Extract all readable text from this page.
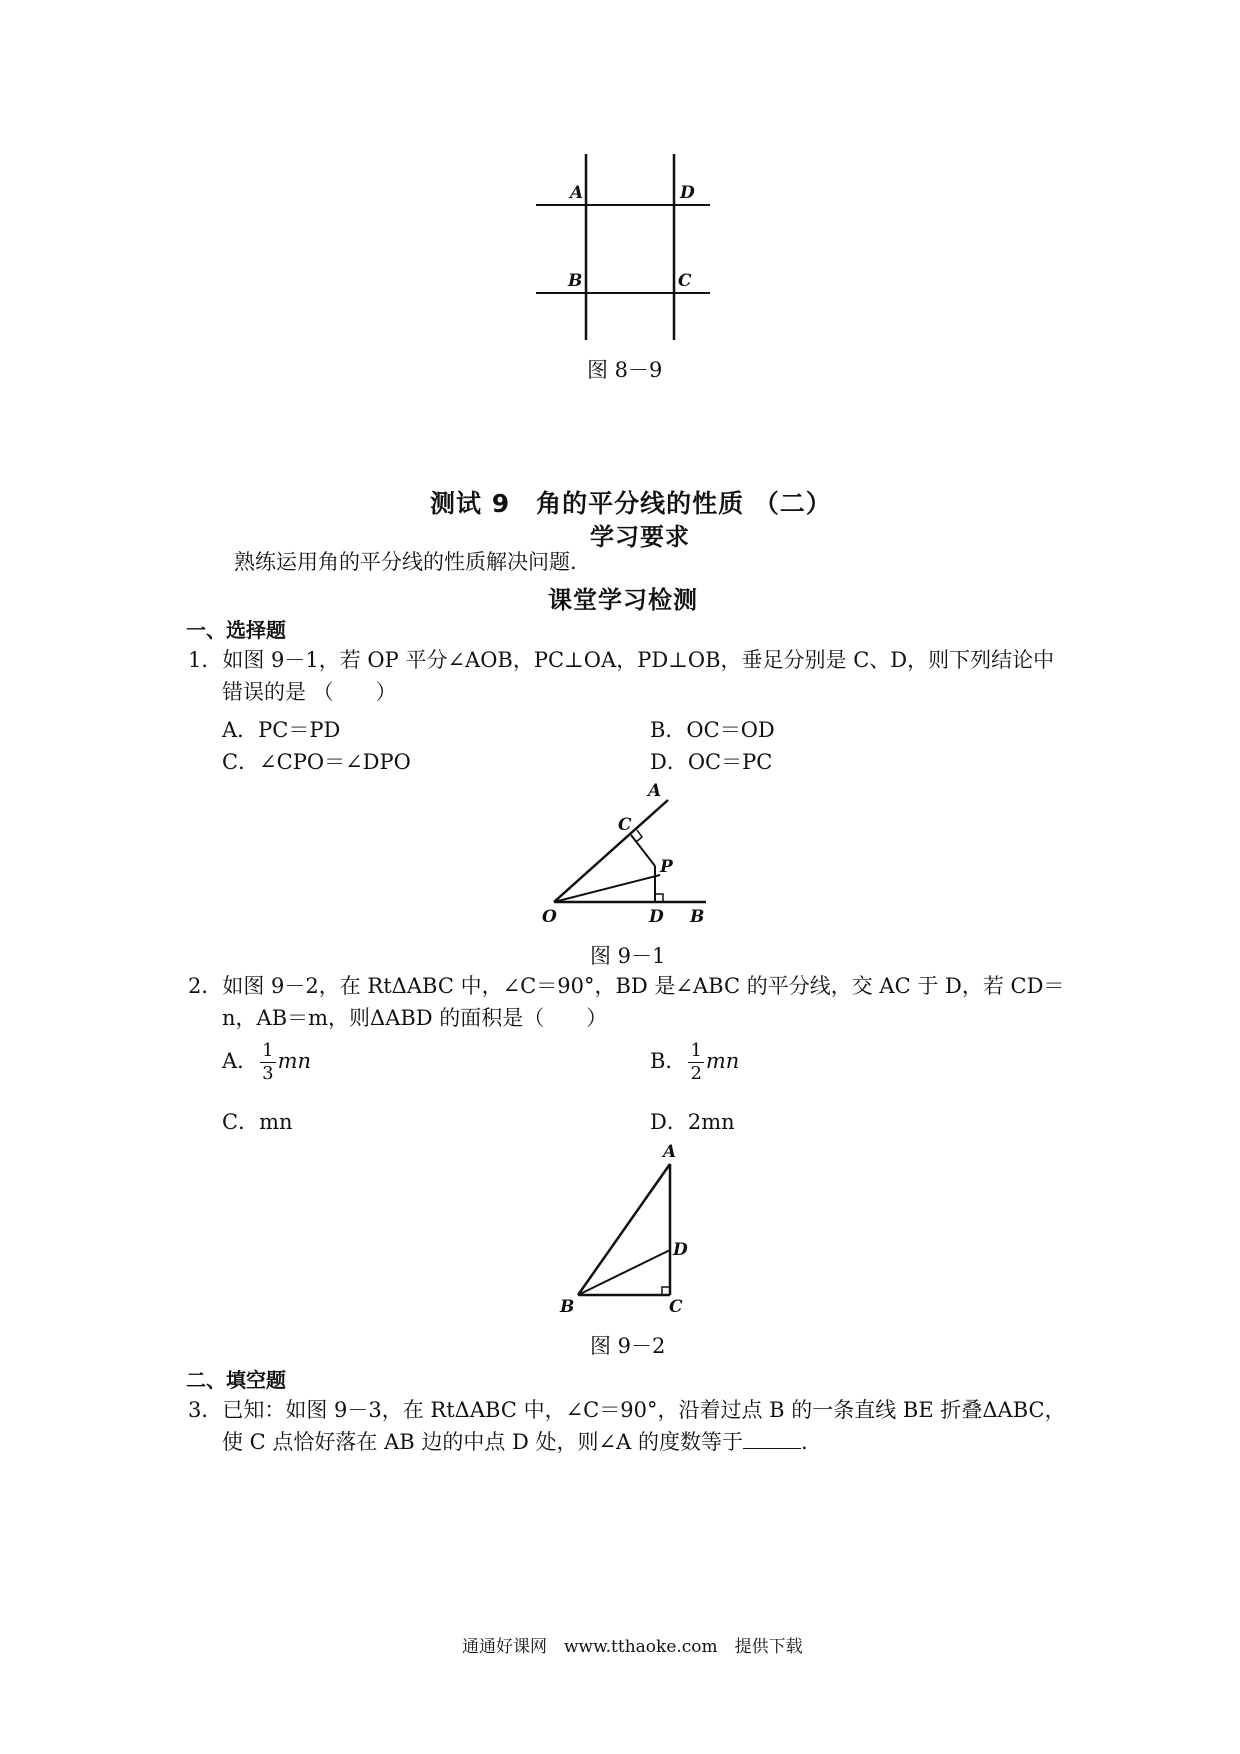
A	D
B	C
图 8－9
测试 9　角的平分线的性质 （二）
学习要求
熟练运用角的平分线的性质解决问题.
课堂学习检测
一、选择题
1．如图 9－1，若 OP 平分∠AOB，PC⊥OA，PD⊥OB，垂足分别是 C、D，则下列结论中
错误的是 （　　）
A．PC＝PD	B．OC＝OD
C．∠CPO＝∠DPO	D．OC＝PC
A
C
P
O	D B
图 9－1
2．如图 9－2，在 RtΔABC 中，∠C＝90°，BD 是∠ABC 的平分线，交 AC 于 D，若 CD＝
n，AB＝m，则ΔABD 的面积是（　　）
A． $\frac{1}{3}$ mn	B． $\frac{1}{2}$ mn
C．mn	D．2mn
A
D
B	C
图 9－2
二、填空题
3．已知：如图 9－3，在 RtΔABC 中，∠C＝90°，沿着过点 B 的一条直线 BE 折叠ΔABC，
使 C 点恰好落在 AB 边的中点 D 处，则∠A 的度数等于	.
通通好课网　www.tthaoke.com　提供下载
